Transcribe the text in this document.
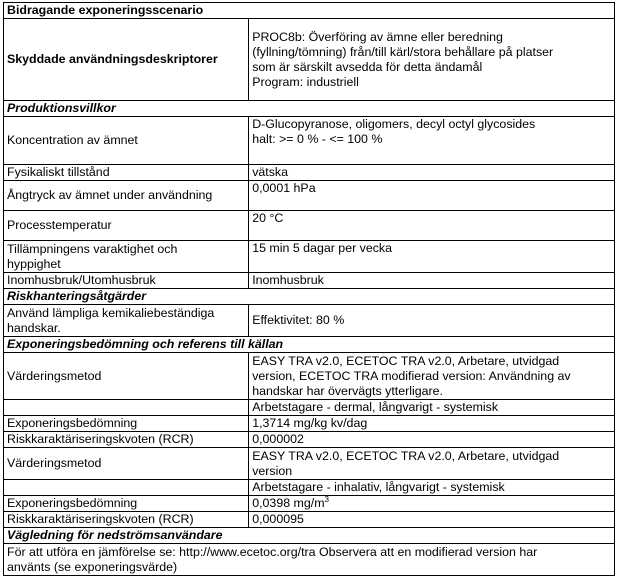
Bidragande exponeringsscenario	
Skyddade användningsdeskriptorer	PROC8b: Överföring av ämne eller beredning
(fyllning/tömning) från/till kärl/stora behållare på platser
som är särskilt avsedda för detta ändamål
Program: industriell

Produktionsvillkor	
Koncentration av ämnet	D-Glucopyranose, oligomers, decyl octyl glycosides
halt: >= 0 % - <= 100 %

Fysikaliskt tillstånd	vätska
Ångtryck av ämnet under användning	0,0001 hPa
Processtemperatur	20 °C

Tillämpningens varaktighet och
hyppighet	15 min 5 dagar per vecka
Inomhusbruk/Utomhusbruk	Inomhusbruk
Riskhanteringsåtgärder	

Använd lämpliga kemikaliebeständiga
handskar.	Effektivitet: 80 %
Exponeringsbedömning och referens till källan	
Värderingsmetod	EASY TRA v2.0, ECETOC TRA v2.0, Arbetare, utvidgad
version, ECETOC TRA modifierad version: Användning av
handskar har övervägts ytterligare.

	Arbetstagare - dermal, långvarigt - systemisk
Exponeringsbedömning	1,3714 mg/kg kv/dag
Riskkaraktäriseringskvoten (RCR)	0,000002
Värderingsmetod	EASY TRA v2.0, ECETOC TRA v2.0, Arbetare, utvidgad
version

	Arbetstagare - inhalativ, långvarigt - systemisk
Exponeringsbedömning	0,0398 $mg/m^3$
Riskkaraktäriseringskvoten (RCR)	0,000095
Vägledning för nedströmsanvändare	

För att utföra en jämförelse se: http://www.ecetoc.org/tra Observera att en modifierad version har
använts (se exponeringsvärde)	
